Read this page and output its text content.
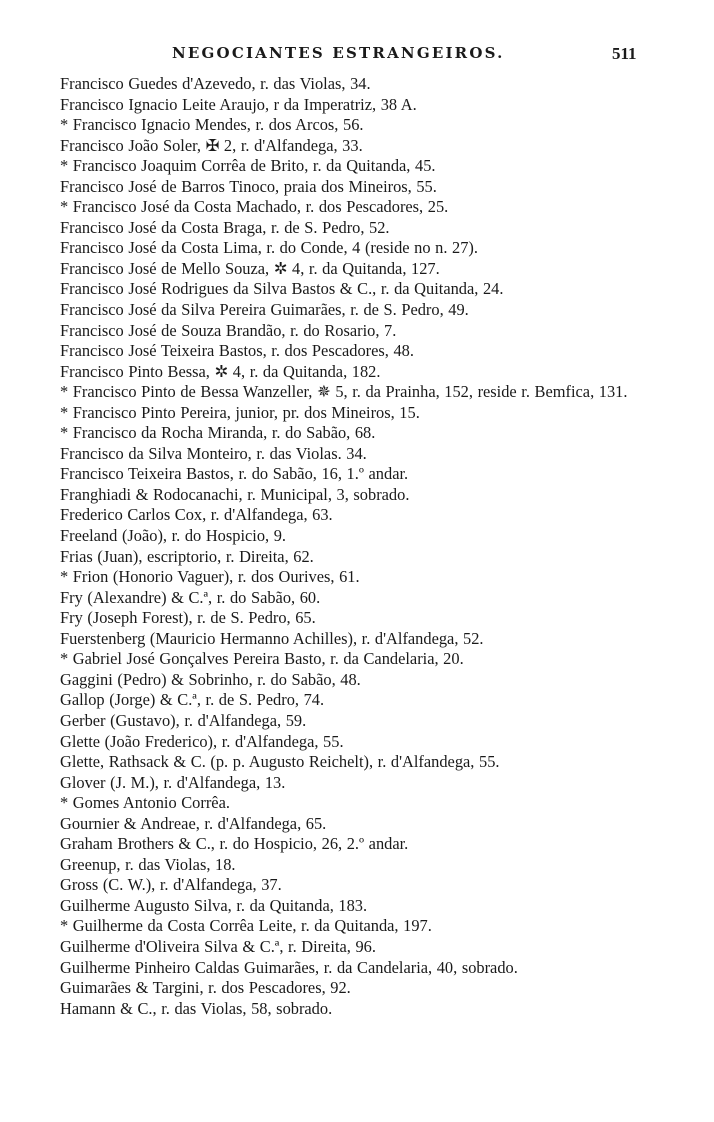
NEGOCIANTES ESTRANGEIROS.	511
Francisco Guedes d'Azevedo, r. das Violas, 34.
Francisco Ignacio Leite Araujo, r da Imperatriz, 38 A.
* Francisco Ignacio Mendes, r. dos Arcos, 56.
Francisco João Soler, ✠ 2, r. d'Alfandega, 33.
* Francisco Joaquim Corrêa de Brito, r. da Quitanda, 45.
Francisco José de Barros Tinoco, praia dos Mineiros, 55.
* Francisco José da Costa Machado, r. dos Pescadores, 25.
Francisco José da Costa Braga, r. de S. Pedro, 52.
Francisco José da Costa Lima, r. do Conde, 4 (reside no n. 27).
Francisco José de Mello Souza, ✲ 4, r. da Quitanda, 127.
Francisco José Rodrigues da Silva Bastos & C., r. da Quitanda, 24.
Francisco José da Silva Pereira Guimarães, r. de S. Pedro, 49.
Francisco José de Souza Brandão, r. do Rosario, 7.
Francisco José Teixeira Bastos, r. dos Pescadores, 48.
Francisco Pinto Bessa, ✲ 4, r. da Quitanda, 182.
* Francisco Pinto de Bessa Wanzeller, ✵ 5, r. da Prainha, 152, reside r. Bemfica, 131.
* Francisco Pinto Pereira, junior, pr. dos Mineiros, 15.
* Francisco da Rocha Miranda, r. do Sabão, 68.
Francisco da Silva Monteiro, r. das Violas. 34.
Francisco Teixeira Bastos, r. do Sabão, 16, 1.º andar.
Franghiadi & Rodocanachi, r. Municipal, 3, sobrado.
Frederico Carlos Cox, r. d'Alfandega, 63.
Freeland (João), r. do Hospicio, 9.
Frias (Juan), escriptorio, r. Direita, 62.
* Frion (Honorio Vaguer), r. dos Ourives, 61.
Fry (Alexandre) & C.ª, r. do Sabão, 60.
Fry (Joseph Forest), r. de S. Pedro, 65.
Fuerstenberg (Mauricio Hermanno Achilles), r. d'Alfandega, 52.
* Gabriel José Gonçalves Pereira Basto, r. da Candelaria, 20.
Gaggini (Pedro) & Sobrinho, r. do Sabão, 48.
Gallop (Jorge) & C.ª, r. de S. Pedro, 74.
Gerber (Gustavo), r. d'Alfandega, 59.
Glette (João Frederico), r. d'Alfandega, 55.
Glette, Rathsack & C. (p. p. Augusto Reichelt), r. d'Alfandega, 55.
Glover (J. M.), r. d'Alfandega, 13.
* Gomes Antonio Corrêa.
Gournier & Andreae, r. d'Alfandega, 65.
Graham Brothers & C., r. do Hospicio, 26, 2.º andar.
Greenup, r. das Violas, 18.
Gross (C. W.), r. d'Alfandega, 37.
Guilherme Augusto Silva, r. da Quitanda, 183.
* Guilherme da Costa Corrêa Leite, r. da Quitanda, 197.
Guilherme d'Oliveira Silva & C.ª, r. Direita, 96.
Guilherme Pinheiro Caldas Guimarães, r. da Candelaria, 40, sobrado.
Guimarães & Targini, r. dos Pescadores, 92.
Hamann & C., r. das Violas, 58, sobrado.
